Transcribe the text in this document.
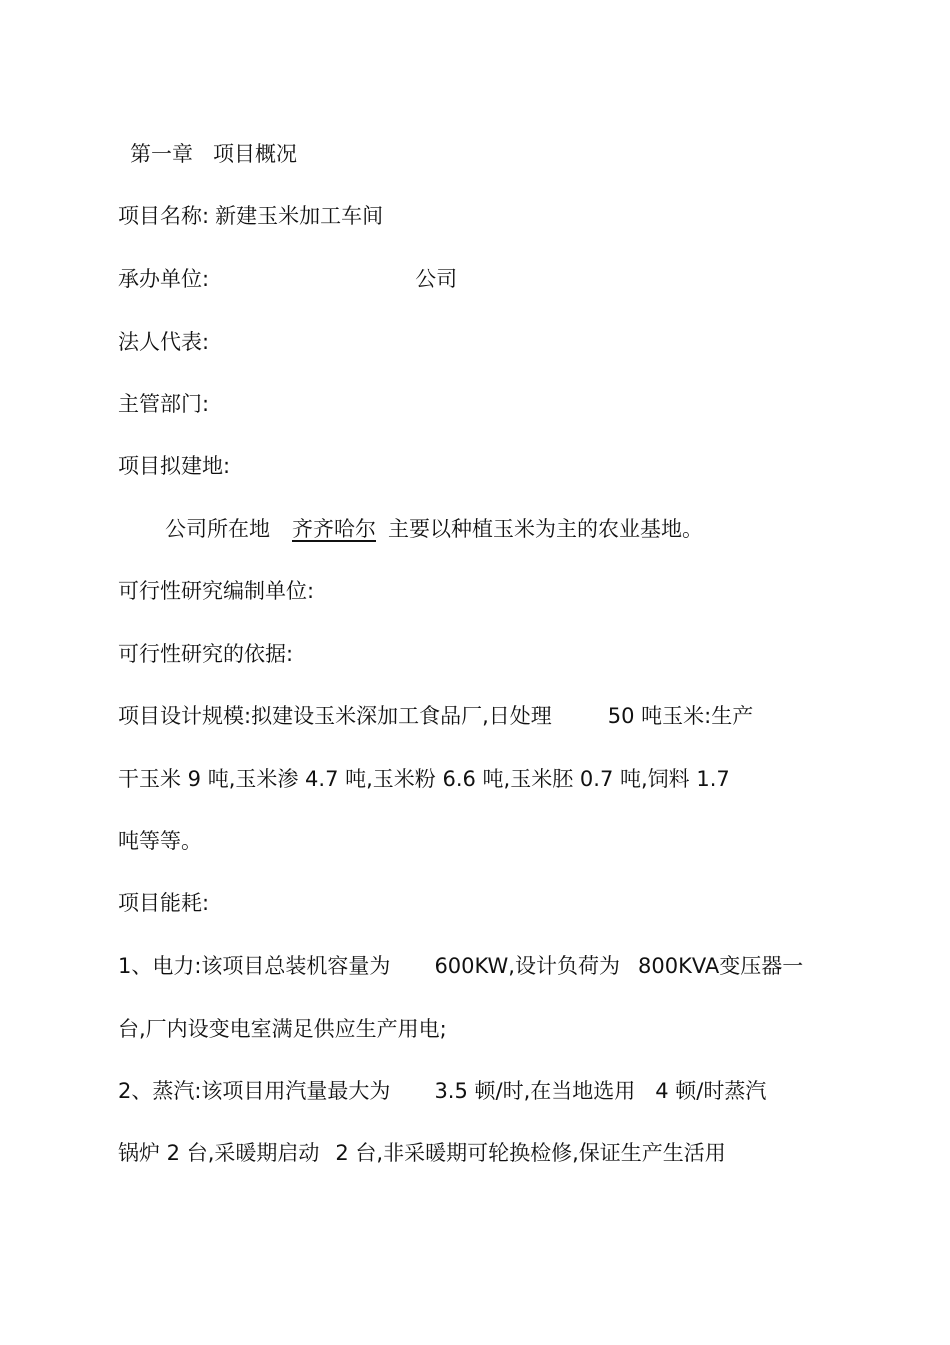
第一章 项目概况
项目名称: 新建玉米加工车间
承办单位:	公司
法人代表:
主管部门:
项目拟建地:
公司所在地 齐齐哈尔 主要以种植玉米为主的农业基地。
可行性研究编制单位:
可行性研究的依据:
项目设计规模:拟建设玉米深加工食品厂,日处理	50 吨玉米:生产
干玉米 9 吨,玉米渗 4.7 吨,玉米粉 6.6 吨,玉米胚 0.7 吨,饲料 1.7
吨等等。
项目能耗:
1、电力:该项目总装机容量为 600KW,设计负荷为 800KVA变压器一
台,厂内设变电室满足供应生产用电;
2、蒸汽:该项目用汽量最大为 3.5 顿/时,在当地选用 4 顿/时蒸汽
锅炉 2 台,采暖期启动 2 台,非采暖期可轮换检修,保证生产生活用
